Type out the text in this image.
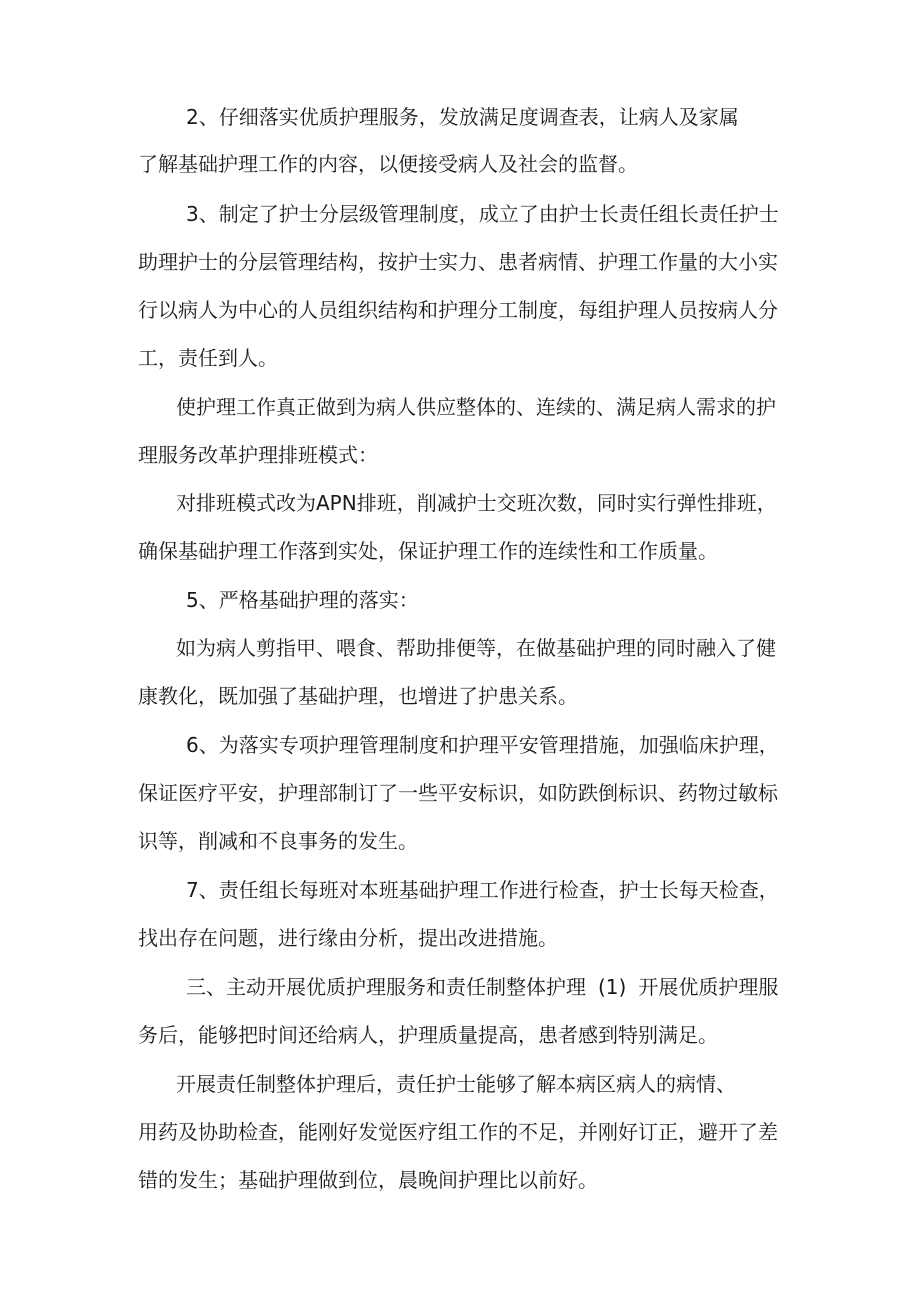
2、仔细落实优质护理服务，发放满足度调查表，让病人及家属

了解基础护理工作的内容，以便接受病人及社会的监督。

3、制定了护士分层级管理制度，成立了由护士长责任组长责任护士

助理护士的分层管理结构，按护士实力、患者病情、护理工作量的大小实

行以病人为中心的人员组织结构和护理分工制度，每组护理人员按病人分

工，责任到人。

使护理工作真正做到为病人供应整体的、连续的、满足病人需求的护

理服务改革护理排班模式：

对排班模式改为APN排班，削减护士交班次数，同时实行弹性排班，

确保基础护理工作落到实处，保证护理工作的连续性和工作质量。

5、严格基础护理的落实：

如为病人剪指甲、喂食、帮助排便等，在做基础护理的同时融入了健

康教化，既加强了基础护理，也增进了护患关系。

6、为落实专项护理管理制度和护理平安管理措施，加强临床护理，

保证医疗平安，护理部制订了一些平安标识，如防跌倒标识、药物过敏标

识等，削减和不良事务的发生。

7、责任组长每班对本班基础护理工作进行检查，护士长每天检查，

找出存在问题，进行缘由分析，提出改进措施。

三、主动开展优质护理服务和责任制整体护理 (1) 开展优质护理服

务后，能够把时间还给病人，护理质量提高，患者感到特别满足。

开展责任制整体护理后，责任护士能够了解本病区病人的病情、

用药及协助检查，能刚好发觉医疗组工作的不足，并刚好订正，避开了差

错的发生；基础护理做到位，晨晚间护理比以前好。
